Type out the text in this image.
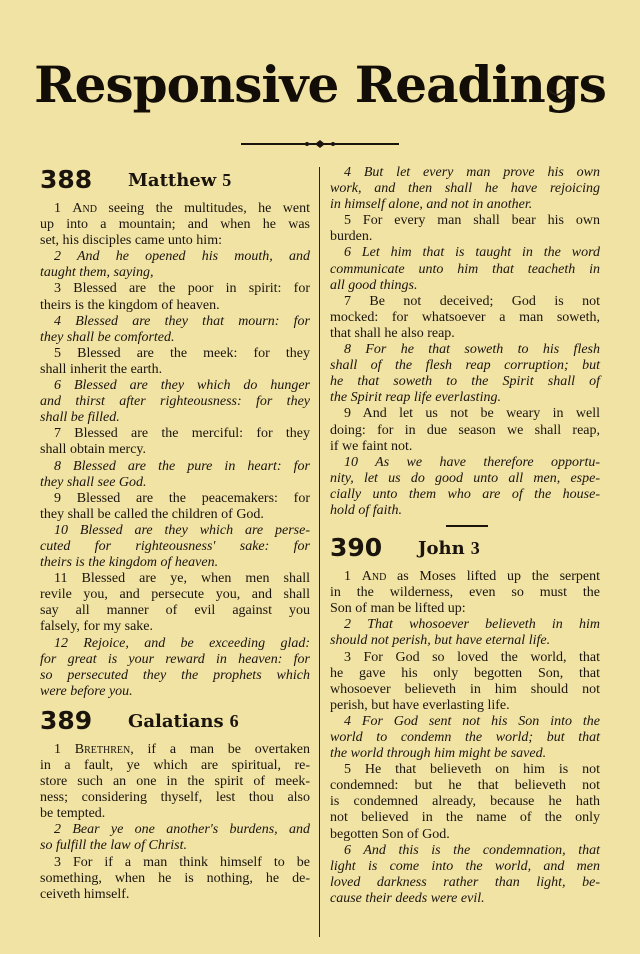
Responsive Readings
388 Matthew 5
1 And seeing the multitudes, he went
up into a mountain; and when he was
set, his disciples came unto him:
2 And he opened his mouth, and
taught them, saying,
3 Blessed are the poor in spirit: for
theirs is the kingdom of heaven.
4 Blessed are they that mourn: for
they shall be comforted.
5 Blessed are the meek: for they
shall inherit the earth.
6 Blessed are they which do hunger
and thirst after righteousness: for they
shall be filled.
7 Blessed are the merciful: for they
shall obtain mercy.
8 Blessed are the pure in heart: for
they shall see God.
9 Blessed are the peacemakers: for
they shall be called the children of God.
10 Blessed are they which are perse-
cuted for righteousness' sake: for
theirs is the kingdom of heaven.
11 Blessed are ye, when men shall
revile you, and persecute you, and shall
say all manner of evil against you
falsely, for my sake.
12 Rejoice, and be exceeding glad:
for great is your reward in heaven: for
so persecuted they the prophets which
were before you.
389 Galatians 6
1 Brethren, if a man be overtaken
in a fault, ye which are spiritual, re-
store such an one in the spirit of meek-
ness; considering thyself, lest thou also
be tempted.
2 Bear ye one another's burdens, and
so fulfill the law of Christ.
3 For if a man think himself to be
something, when he is nothing, he de-
ceiveth himself.
4 But let every man prove his own
work, and then shall he have rejoicing
in himself alone, and not in another.
5 For every man shall bear his own
burden.
6 Let him that is taught in the word
communicate unto him that teacheth in
all good things.
7 Be not deceived; God is not
mocked: for whatsoever a man soweth,
that shall he also reap.
8 For he that soweth to his flesh
shall of the flesh reap corruption; but
he that soweth to the Spirit shall of
the Spirit reap life everlasting.
9 And let us not be weary in well
doing: for in due season we shall reap,
if we faint not.
10 As we have therefore opportu-
nity, let us do good unto all men, espe-
cially unto them who are of the house-
hold of faith.
390 John 3
1 And as Moses lifted up the serpent
in the wilderness, even so must the
Son of man be lifted up:
2 That whosoever believeth in him
should not perish, but have eternal life.
3 For God so loved the world, that
he gave his only begotten Son, that
whosoever believeth in him should not
perish, but have everlasting life.
4 For God sent not his Son into the
world to condemn the world; but that
the world through him might be saved.
5 He that believeth on him is not
condemned: but he that believeth not
is condemned already, because he hath
not believed in the name of the only
begotten Son of God.
6 And this is the condemnation, that
light is come into the world, and men
loved darkness rather than light, be-
cause their deeds were evil.
